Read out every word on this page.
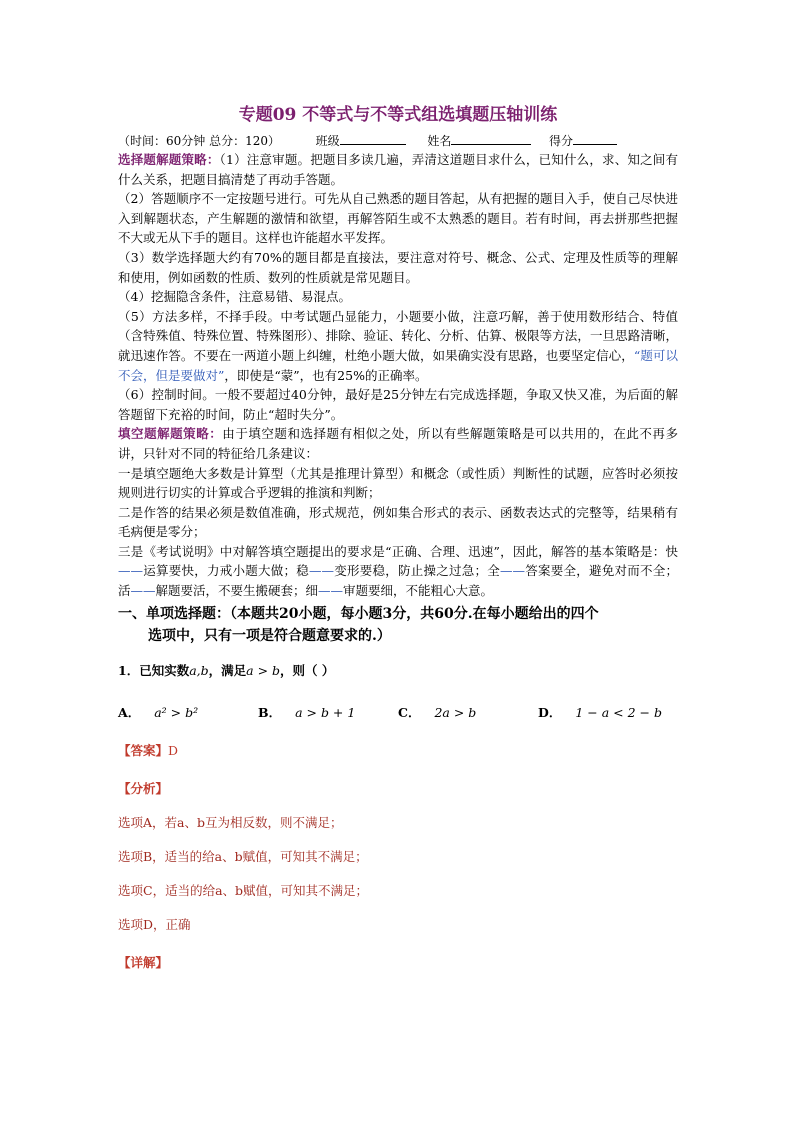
专题09 不等式与不等式组选填题压轴训练
（时间：60分钟 总分：120）	班级	姓名	得分

选择题解题策略：（1）注意审题。把题目多读几遍，弄清这道题目求什么，已知什么，求、知之间有什么关系，把题目搞清楚了再动手答题。

（2）答题顺序不一定按题号进行。可先从自己熟悉的题目答起，从有把握的题目入手，使自己尽快进入到解题状态，产生解题的激情和欲望，再解答陌生或不太熟悉的题目。若有时间，再去拼那些把握不大或无从下手的题目。这样也许能超水平发挥。

（3）数学选择题大约有70%的题目都是直接法，要注意对符号、概念、公式、定理及性质等的理解和使用，例如函数的性质、数列的性质就是常见题目。

（4）挖掘隐含条件，注意易错、易混点。

（5）方法多样，不择手段。中考试题凸显能力，小题要小做，注意巧解，善于使用数形结合、特值（含特殊值、特殊位置、特殊图形）、排除、验证、转化、分析、估算、极限等方法，一旦思路清晰，就迅速作答。不要在一两道小题上纠缠，杜绝小题大做，如果确实没有思路，也要坚定信心，“题可以不会，但是要做对”，即使是“蒙”，也有25%的正确率。

（6）控制时间。一般不要超过40分钟，最好是25分钟左右完成选择题，争取又快又准，为后面的解答题留下充裕的时间，防止“超时失分”。

填空题解题策略：由于填空题和选择题有相似之处，所以有些解题策略是可以共用的，在此不再多讲，只针对不同的特征给几条建议：

一是填空题绝大多数是计算型（尤其是推理计算型）和概念（或性质）判断性的试题，应答时必须按规则进行切实的计算或合乎逻辑的推演和判断；

二是作答的结果必须是数值准确，形式规范，例如集合形式的表示、函数表达式的完整等，结果稍有毛病便是零分；

三是《考试说明》中对解答填空题提出的要求是“正确、合理、迅速”，因此，解答的基本策略是：快——运算要快，力戒小题大做；稳——变形要稳，防止操之过急；全——答案要全，避免对而不全；活——解题要活，不要生搬硬套；细——审题要细，不能粗心大意。

一、单项选择题：（本题共20小题，每小题3分，共60分.在每小题给出的四个
选项中，只有一项是符合题意要求的.）
1．已知实数a,b，满足a > b，则（ ）
A． a² > b²	B． a > b + 1	C． 2a > b	D． 1 − a < 2 − b
【答案】D
【分析】
选项A，若a、b互为相反数，则不满足；
选项B，适当的给a、b赋值，可知其不满足；
选项C，适当的给a、b赋值，可知其不满足；
选项D，正确
【详解】
